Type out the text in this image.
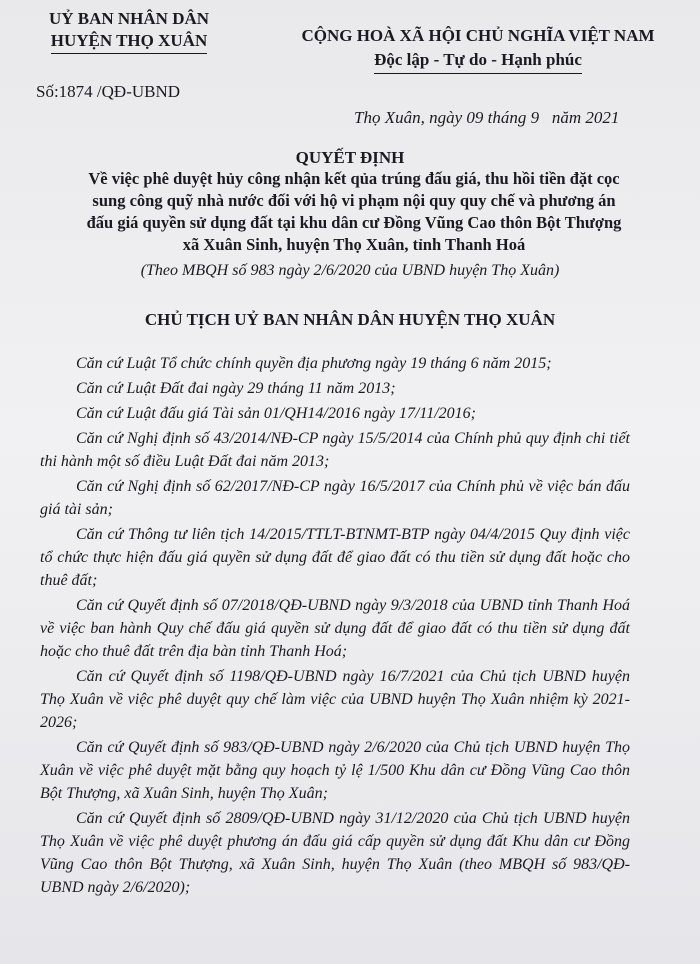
UỶ BAN NHÂN DÂN
HUYỆN THỌ XUÂN	CỘNG HOÀ XÃ HỘI CHỦ NGHĨA VIỆT NAM
Độc lập - Tự do - Hạnh phúc
Số:1874 /QĐ-UBND
Thọ Xuân, ngày 09 tháng 9   năm 2021
QUYẾT ĐỊNH
Về việc phê duyệt hủy công nhận kết qủa trúng đấu giá, thu hồi tiền đặt cọc
sung công quỹ nhà nước đối với hộ vi phạm nội quy quy chế và phương án
đấu giá quyền sử dụng đất tại khu dân cư Đồng Vũng Cao thôn Bột Thượng
xã Xuân Sinh, huyện Thọ Xuân, tỉnh Thanh Hoá
(Theo MBQH số 983 ngày 2/6/2020 của UBND huyện Thọ Xuân)
CHỦ TỊCH UỶ BAN NHÂN DÂN HUYỆN THỌ XUÂN
Căn cứ Luật Tổ chức chính quyền địa phương ngày 19 tháng 6 năm 2015;
Căn cứ Luật Đất đai ngày 29 tháng 11 năm 2013;
Căn cứ Luật đấu giá Tài sản 01/QH14/2016 ngày 17/11/2016;
Căn cứ Nghị định số 43/2014/NĐ-CP ngày 15/5/2014 của Chính phủ quy định chi tiết thi hành một số điều Luật Đất đai năm 2013;
Căn cứ Nghị định số 62/2017/NĐ-CP ngày 16/5/2017 của Chính phủ về việc bán đấu giá tài sản;
Căn cứ Thông tư liên tịch 14/2015/TTLT-BTNMT-BTP ngày 04/4/2015 Quy định việc tổ chức thực hiện đấu giá quyền sử dụng đất để giao đất có thu tiền sử dụng đất hoặc cho thuê đất;
Căn cứ Quyết định số 07/2018/QĐ-UBND ngày 9/3/2018 của UBND tỉnh Thanh Hoá về việc ban hành Quy chế đấu giá quyền sử dụng đất để giao đất có thu tiền sử dụng đất hoặc cho thuê đất trên địa bàn tỉnh Thanh Hoá;
Căn cứ Quyết định số 1198/QĐ-UBND ngày 16/7/2021 của Chủ tịch UBND huyện Thọ Xuân về việc phê duyệt quy chế làm việc của UBND huyện Thọ Xuân nhiệm kỳ 2021-2026;
Căn cứ Quyết định số 983/QĐ-UBND ngày 2/6/2020 của Chủ tịch UBND huyện Thọ Xuân về việc phê duyệt mặt bằng quy hoạch tỷ lệ 1/500 Khu dân cư Đồng Vũng Cao thôn Bột Thượng, xã Xuân Sinh, huyện Thọ Xuân;
Căn cứ Quyết định số 2809/QĐ-UBND ngày 31/12/2020 của Chủ tịch UBND huyện Thọ Xuân về việc phê duyệt phương án đấu giá cấp quyền sử dụng đất Khu dân cư Đồng Vũng Cao thôn Bột Thượng, xã Xuân Sinh, huyện Thọ Xuân (theo MBQH số 983/QĐ-UBND ngày 2/6/2020);
